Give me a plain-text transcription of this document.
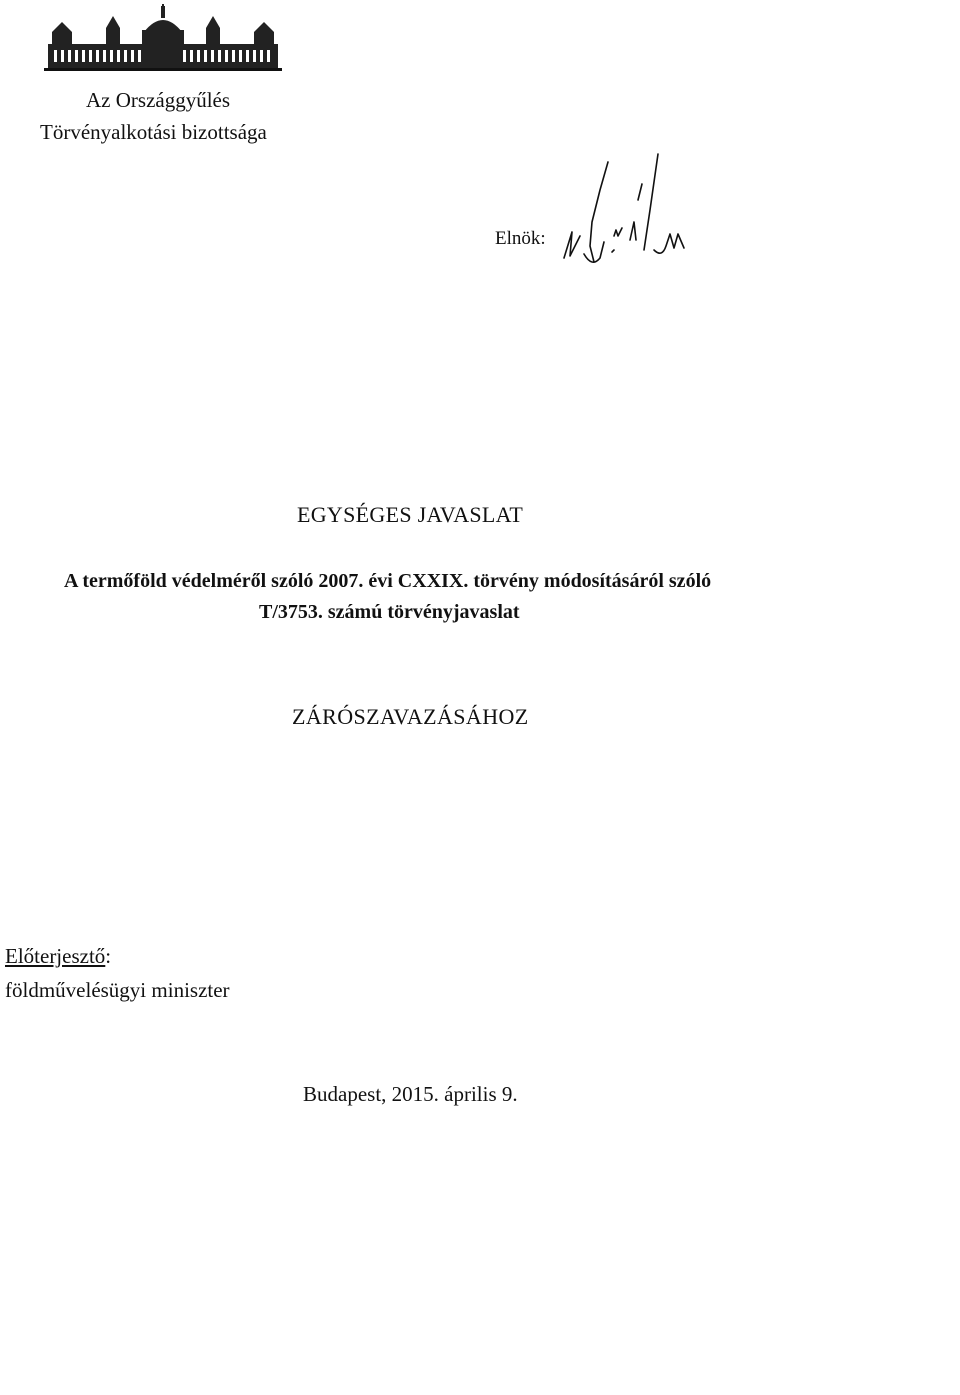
Az Országgyűlés
Törvényalkotási bizottsága
Elnök:
EGYSÉGES JAVASLAT
A termőföld védelméről szóló 2007. évi CXXIX. törvény módosításáról szóló
T/3753. számú törvényjavaslat
ZÁRÓSZAVAZÁSÁHOZ
Előterjesztő:
földművelésügyi miniszter
Budapest, 2015. április 9.
